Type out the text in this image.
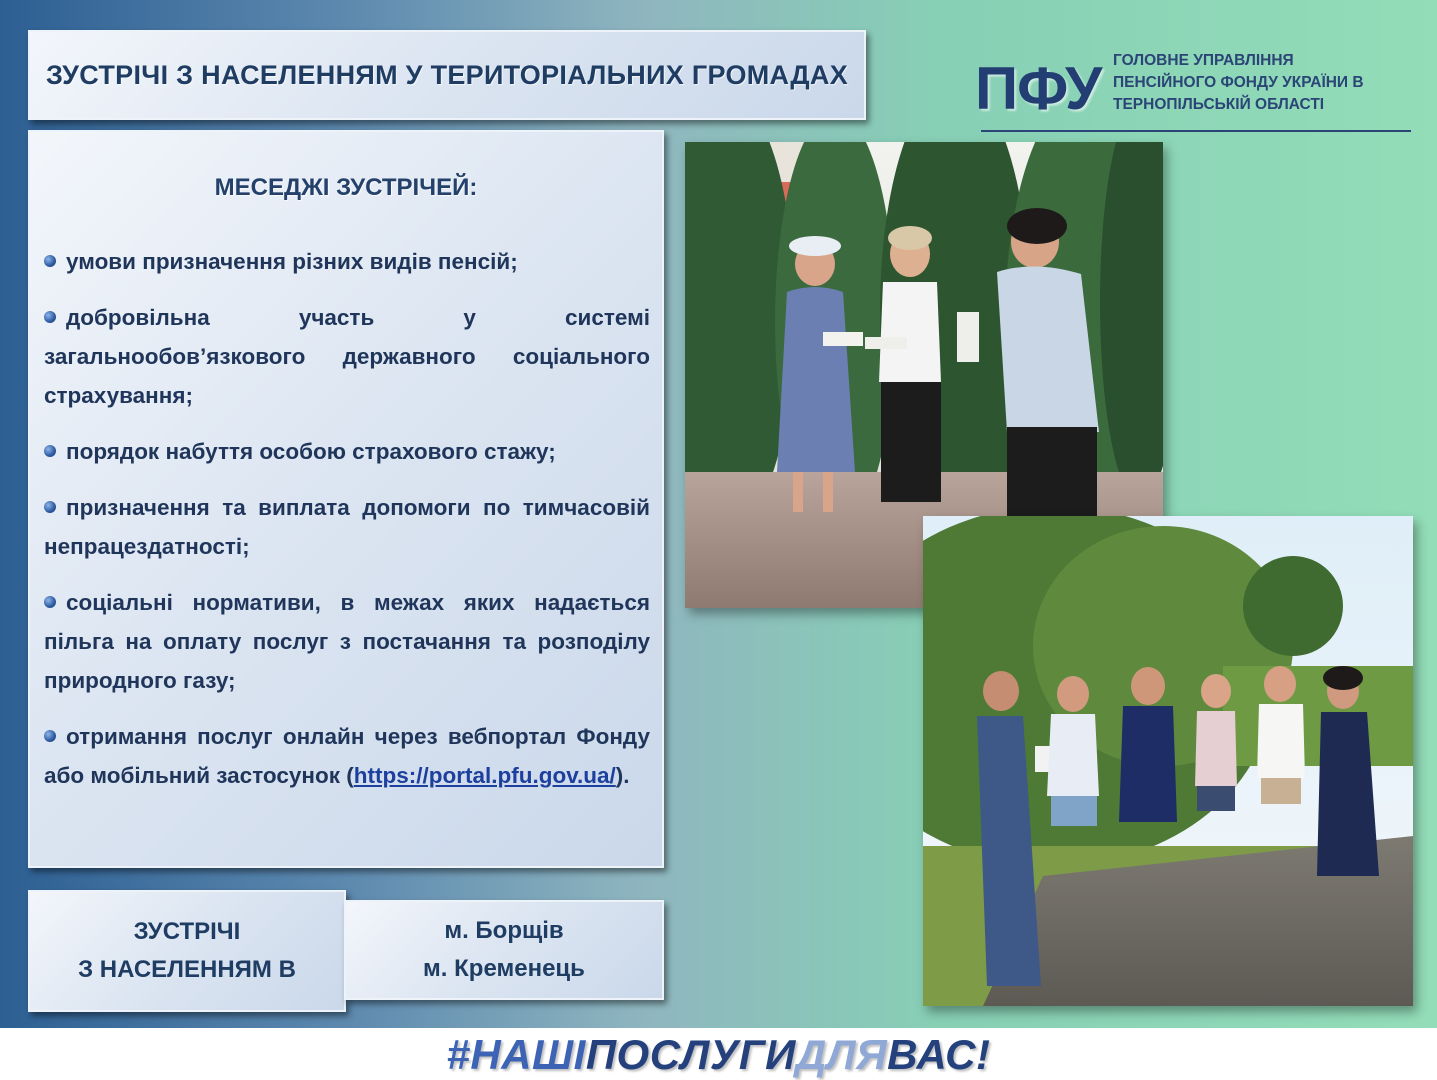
ЗУСТРІЧІ З НАСЕЛЕННЯМ У ТЕРИТОРІАЛЬНИХ ГРОМАДАХ ПФУ ГОЛОВНЕ УПРАВЛІННЯ
ПЕНСІЙНОГО ФОНДУ УКРАЇНИ В
ТЕРНОПІЛЬСЬКІЙ ОБЛАСТІ
МЕСЕДЖІ ЗУСТРІЧЕЙ:
умови призначення різних видів пенсій;
добровільна участь у системі загальнообов’язкового державного соціального страхування;
порядок набуття особою страхового стажу;
призначення та виплата допомоги по тимчасовій непрацездатності;
соціальні нормативи, в межах яких надається пільга на оплату послуг з постачання та розподілу природного газу;
отримання послуг онлайн через вебпортал Фонду або мобільний застосунок (https://portal.pfu.gov.ua/).
ЗУСТРІЧІ
З НАСЕЛЕННЯМ В
м. Борщів
м. Кременець
#НАШІПОСЛУГИДЛЯВАС!
